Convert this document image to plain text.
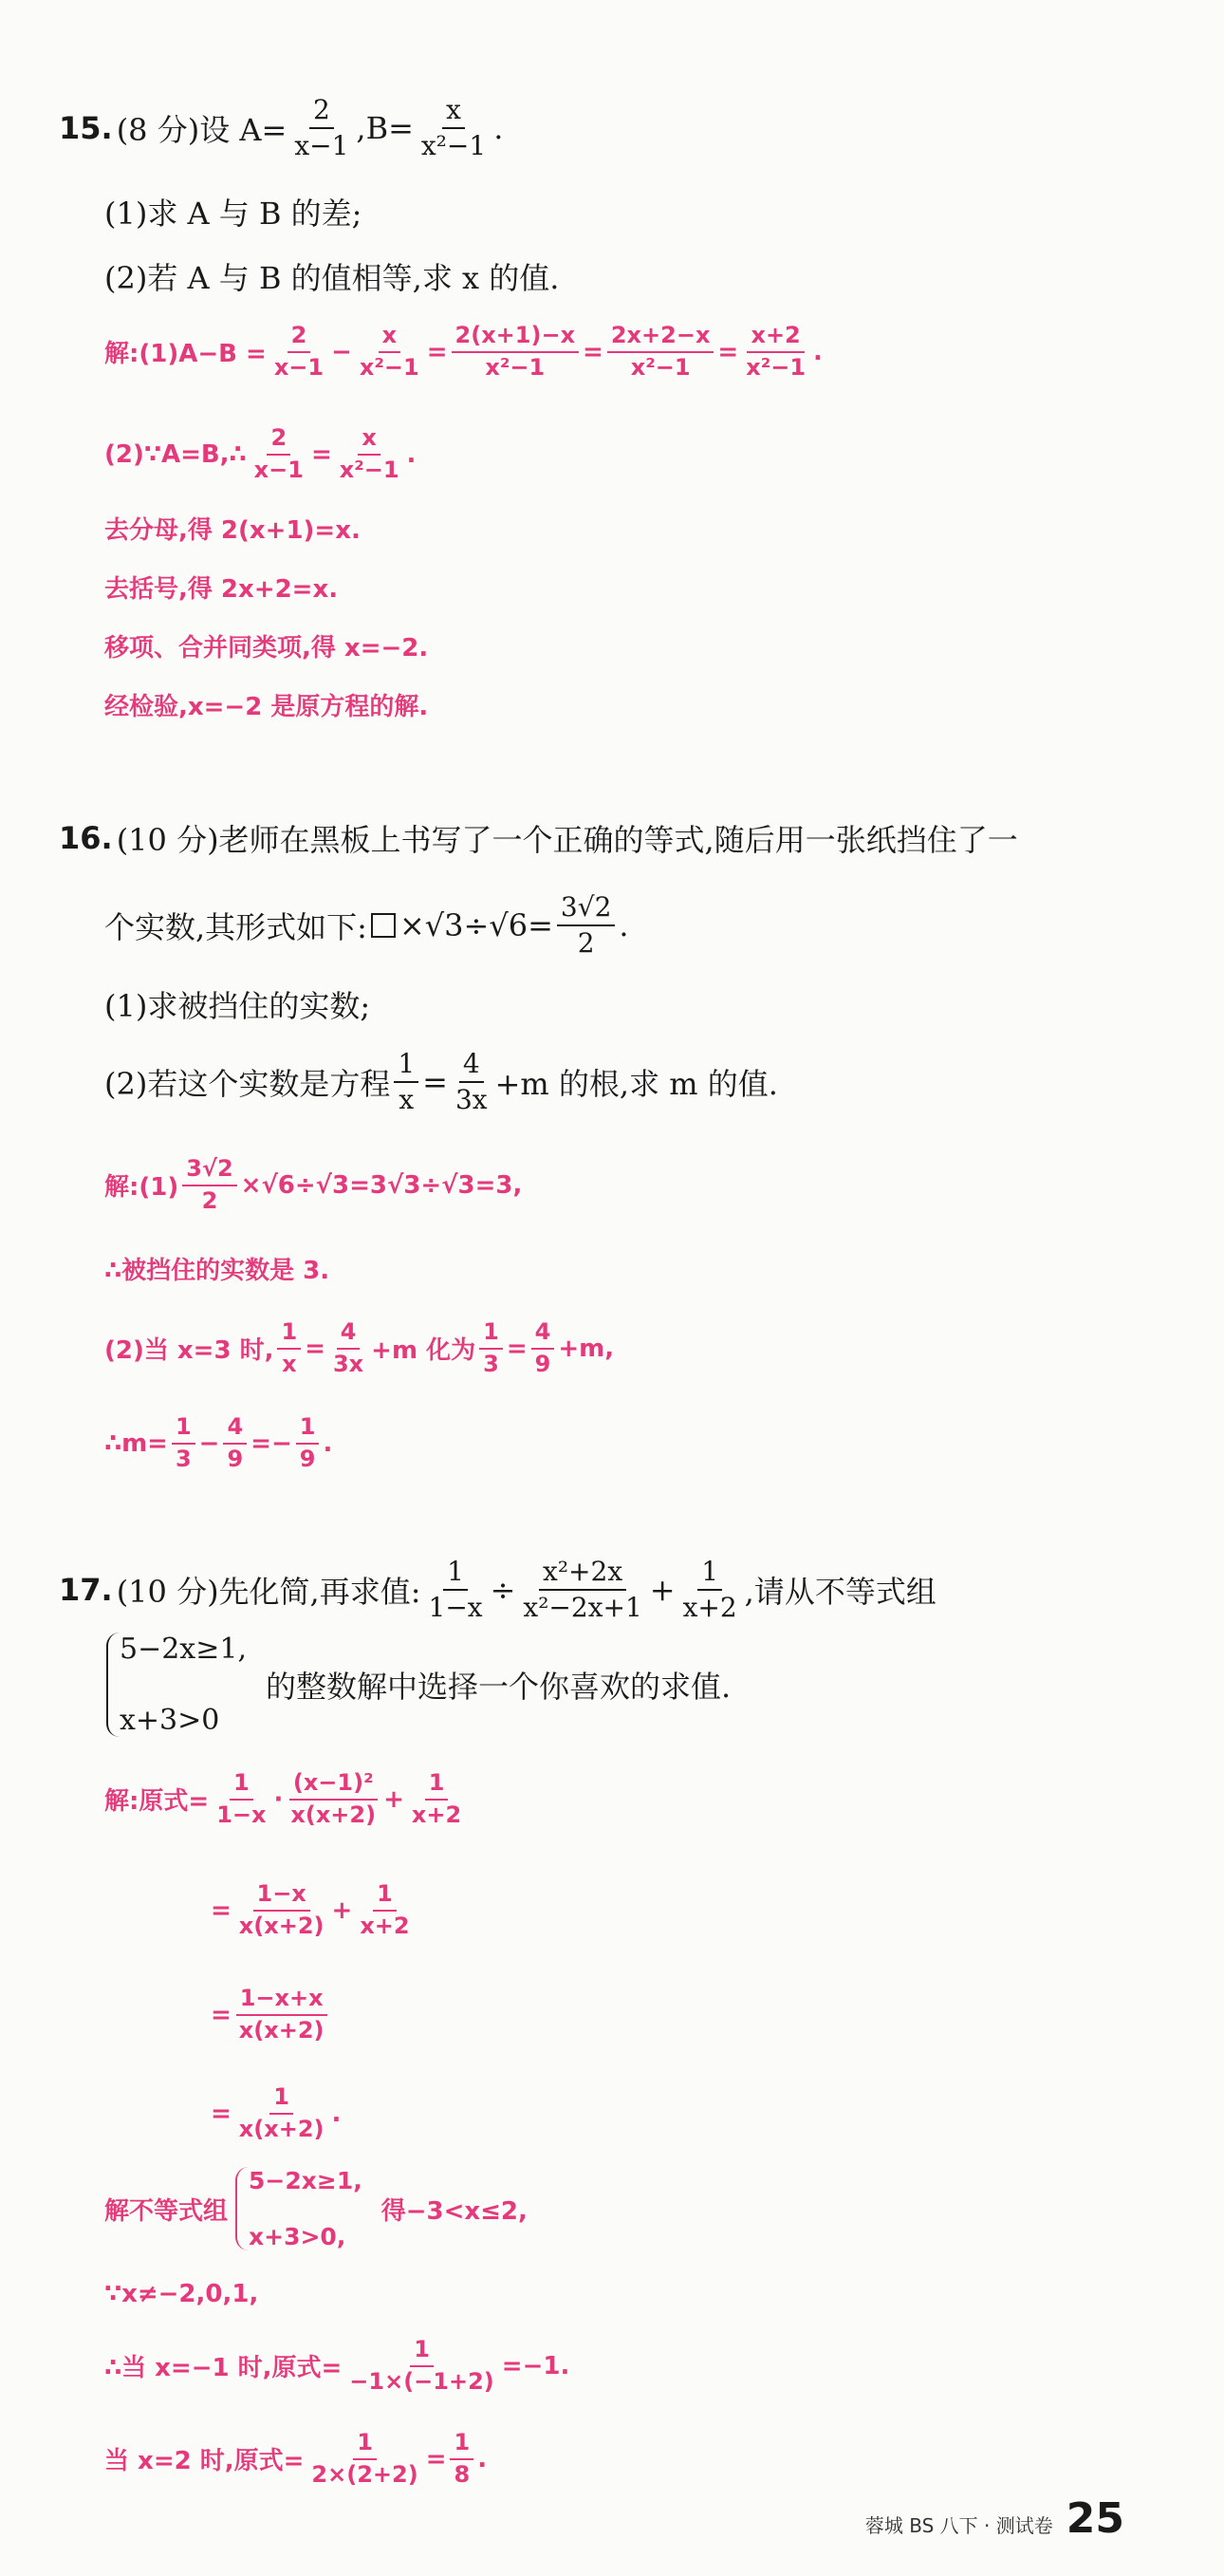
15. (8 分) 设 $A= \frac{2}{x-1} ,B= \frac{x}{\text{x²−1}}$ .
(1)求 A 与 B 的差;
(2)若 A 与 B 的值相等,求 x 的值.
解:(1)A−B = $\frac{2}{x-1} - \frac{x}{\text{x²−1}} = \frac{2(x+1)-x}{\text{x²−1}} = \frac{2x+2-x}{\text{x²−1}} = \frac{x+2}{\text{x²−1}}$ .
(2)∵A=B,∴ $\frac{2}{x-1} = \frac{x}{\text{x²−1}}$ .
去分母,得 2(x+1)=x.
去括号,得 2x+2=x.
移项、合并同类项,得 x=−2.
经检验,x=−2 是原方程的解.
16. (10 分)老师在黑板上书写了一个正确的等式,随后用一张纸挡住了一
个实数,其形式如下: $\times√3\div√6= \frac{3√2}{2}$ .
(1)求被挡住的实数;
(2)若这个实数是方程 $\frac{1}{x} = \frac{4}{3x} +m$ 的根,求 m 的值.
解:(1) $\frac{3√2}{2} \times√6\div√3=3√3\div√3=3$,
∴被挡住的实数是 3.
(2)当 x=3 时, $\frac{1}{x} = \frac{4}{3x} +m$ 化为 $\frac{1}{3} = \frac{4}{9} +m$,
∴m= $\frac{1}{3} - \frac{4}{9} =- \frac{1}{9}$ .
17. (10 分)先化简,再求值: $\frac{1}{1-x} \div \frac{\text{x²+2x}}{\text{x²−2x+1}} + \frac{1}{x+2}$ ,请从不等式组
5−2x≥1,
x+3>0
的整数解中选择一个你喜欢的求值.
解:原式= $\frac{1}{1-x} \cdot \frac{\text{(x−1)²}}{x(x+2)} + \frac{1}{x+2}$
= $\frac{1-x}{x(x+2)} + \frac{1}{x+2}$
= $\frac{1-x+x}{x(x+2)}$
= $\frac{1}{x(x+2)}$ .
解不等式组
5−2x≥1,
x+3>0,
得−3<x≤2,
∵x≠−2,0,1,
∴当 x=−1 时,原式= $\frac{1}{-1\times(-1+2)} =-1$.
当 x=2 时,原式= $\frac{1}{2\times(2+2)} = \frac{1}{8}$ .
蓉城 BS 八下 · 测试卷 25
